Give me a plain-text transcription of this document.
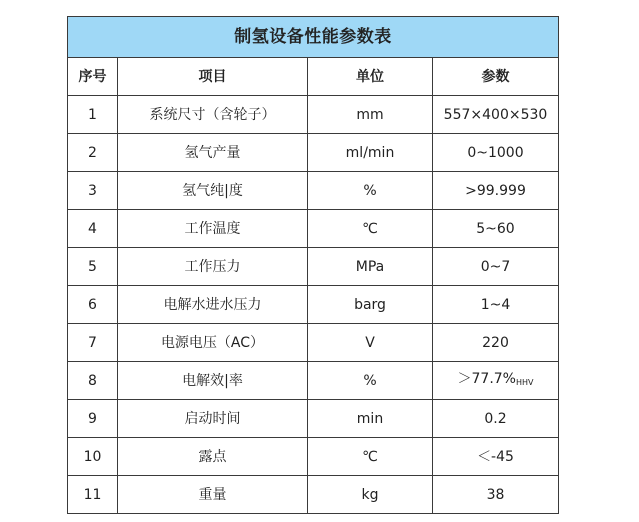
制氢设备性能参数表			
序号	项目	单位	参数
1	系统尺寸（含轮子）	mm	557×400×530
2	氢气产量	ml/min	0~1000
3	氢气纯|度	%	>99.999
4	工作温度	℃	5~60
5	工作压力	MPa	0~7
6	电解水进水压力	barg	1~4
7	电源电压（AC）	V	220
8	电解效|率	%	$>77.7\%_{HHV}$
9	启动时间	min	0.2
10	露点	℃	＜-45
11	重量	kg	38
